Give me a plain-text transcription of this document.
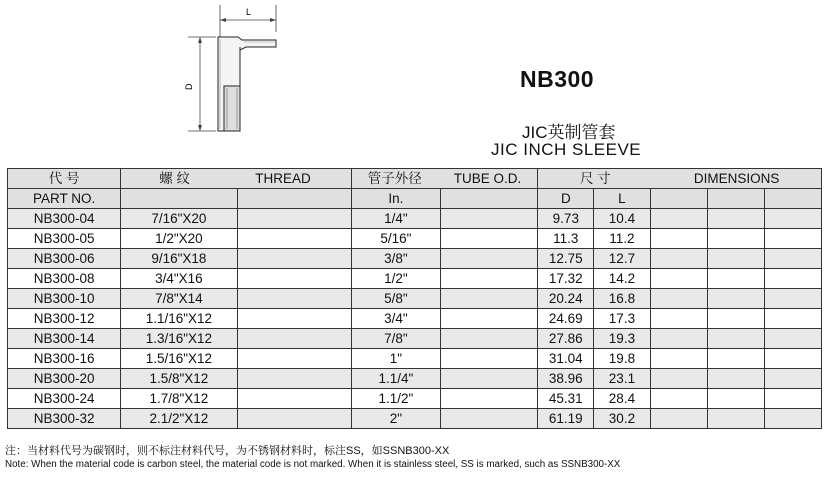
L
D	NB300
JIC英制管套
JIC INCH SLEEVE
代 号	螺 纹 THREAD		管子外径 TUBE O.D.		尺 寸 DIMENSIONS				

PART NO.			In.		D	L			
NB300-04	7/16"X20		1/4"		9.73	10.4			
NB300-05	1/2"X20		5/16"		11.3	11.2			
NB300-06	9/16"X18		3/8"		12.75	12.7			
NB300-08	3/4"X16		1/2"		17.32	14.2			
NB300-10	7/8"X14		5/8"		20.24	16.8			
NB300-12	1.1/16"X12		3/4"		24.69	17.3			
NB300-14	1.3/16"X12		7/8"		27.86	19.3			
NB300-16	1.5/16"X12		1"		31.04	19.8			
NB300-20	1.5/8"X12		1.1/4"		38.96	23.1			
NB300-24	1.7/8"X12		1.1/2"		45.31	28.4			
NB300-32	2.1/2"X12		2"		61.19	30.2			
注：当材料代号为碳钢时，则不标注材料代号，为不锈钢材料时，标注SS，如SSNB300-XX
Note: When the material code is carbon steel, the material code is not marked. When it is stainless steel, SS is marked, such as SSNB300-XX
